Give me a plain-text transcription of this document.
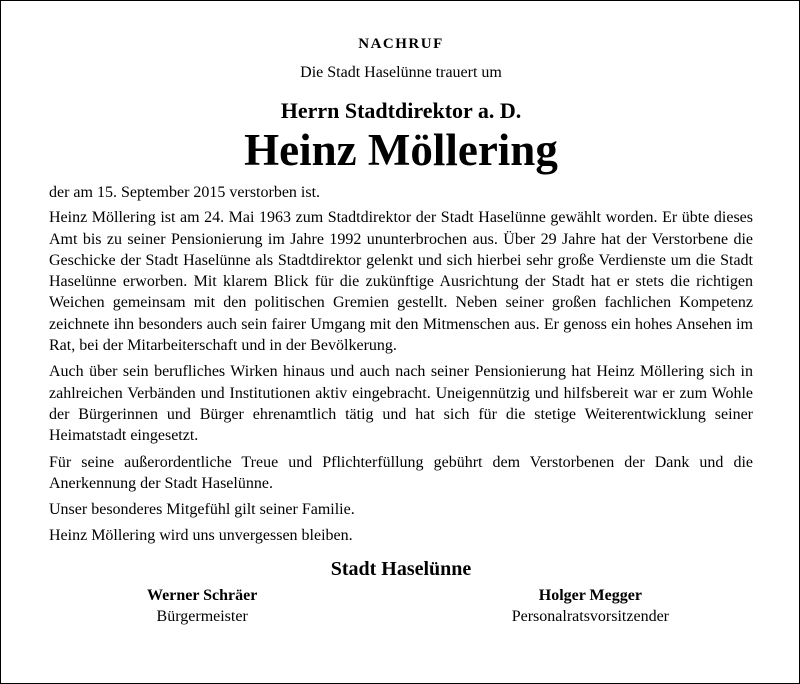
NACHRUF

Die Stadt Haselünne trauert um

Herrn Stadtdirektor a. D.

Heinz Möllering

der am 15. September 2015 verstorben ist.

Heinz Möllering ist am 24. Mai 1963 zum Stadtdirektor der Stadt Haselünne gewählt worden. Er übte dieses Amt bis zu seiner Pensionierung im Jahre 1992 ununterbrochen aus. Über 29 Jahre hat der Verstorbene die Geschicke der Stadt Haselünne als Stadtdirektor gelenkt und sich hierbei sehr große Verdienste um die Stadt Haselünne erworben. Mit klarem Blick für die zukünftige Ausrichtung der Stadt hat er stets die richtigen Weichen gemeinsam mit den politischen Gremien gestellt. Neben seiner großen fachlichen Kompetenz zeichnete ihn besonders auch sein fairer Umgang mit den Mitmenschen aus. Er genoss ein hohes Ansehen im Rat, bei der Mitarbeiterschaft und in der Bevölkerung.

Auch über sein berufliches Wirken hinaus und auch nach seiner Pensionierung hat Heinz Möllering sich in zahlreichen Verbänden und Institutionen aktiv eingebracht. Uneigennützig und hilfsbereit war er zum Wohle der Bürgerinnen und Bürger ehrenamtlich tätig und hat sich für die stetige Weiterentwicklung seiner Heimatstadt eingesetzt.

Für seine außerordentliche Treue und Pflichterfüllung gebührt dem Verstorbenen der Dank und die Anerkennung der Stadt Haselünne.

Unser besonderes Mitgefühl gilt seiner Familie.

Heinz Möllering wird uns unvergessen bleiben.

Stadt Haselünne

Werner Schräer
Bürgermeister
Holger Megger
Personalratsvorsitzender
